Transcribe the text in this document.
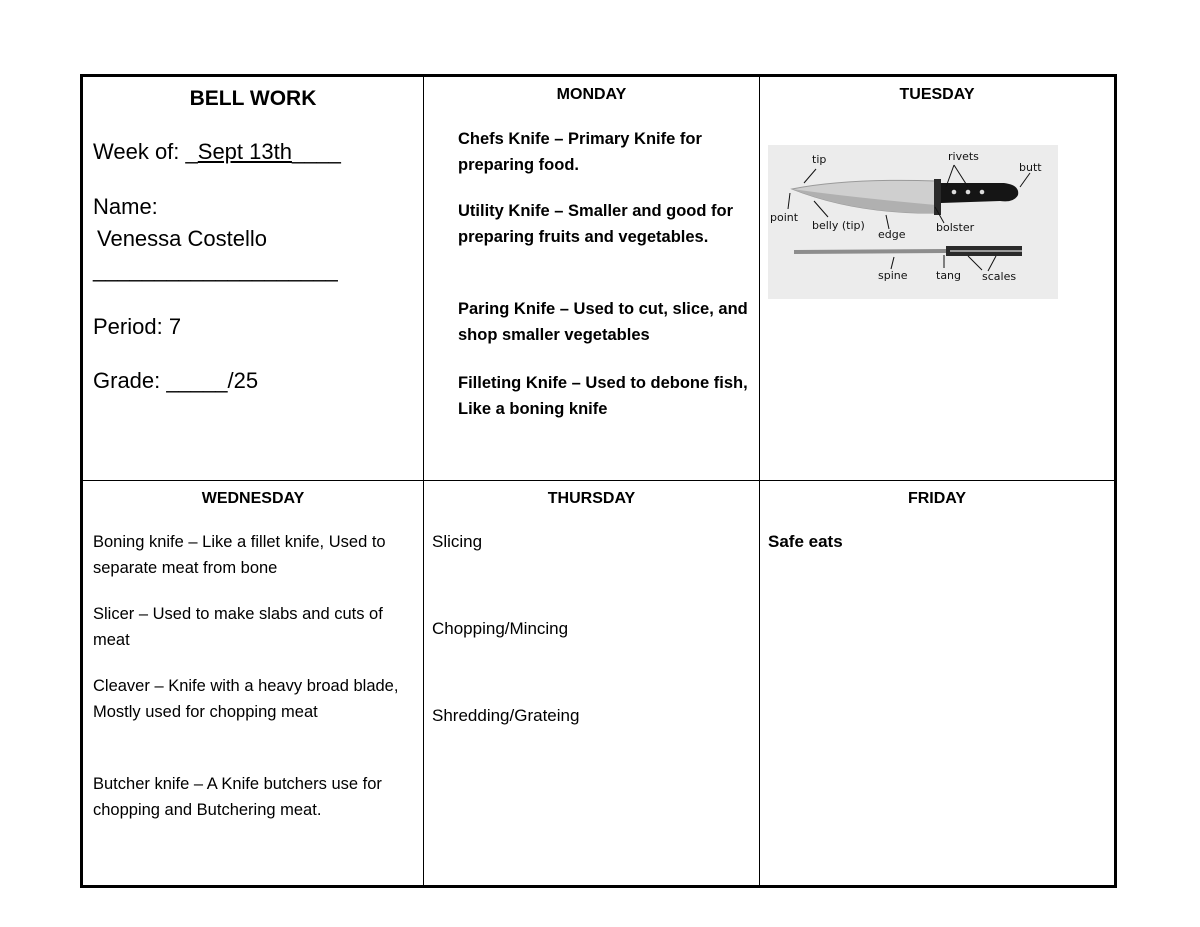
BELL WORK
Week of: _Sept 13th____
Name:
Venessa Costello
____________________
Period: 7
Grade: _____/25
MONDAY
Chefs Knife – Primary Knife for preparing food.
Utility Knife – Smaller and good for preparing fruits and vegetables.
Paring Knife – Used to cut, slice, and shop smaller vegetables
Filleting Knife – Used to debone fish, Like a boning knife
TUESDAY
tip	rivets
butt
point
belly (tip)
edge
bolster
spine	tang scales
WEDNESDAY
Boning knife – Like a fillet knife, Used to separate meat from bone
Slicer – Used to make slabs and cuts of meat
Cleaver – Knife with a heavy broad blade, Mostly used for chopping meat
Butcher knife – A Knife butchers use for chopping and Butchering meat.
THURSDAY
Slicing
Chopping/Mincing
Shredding/Grateing
FRIDAY
Safe eats
